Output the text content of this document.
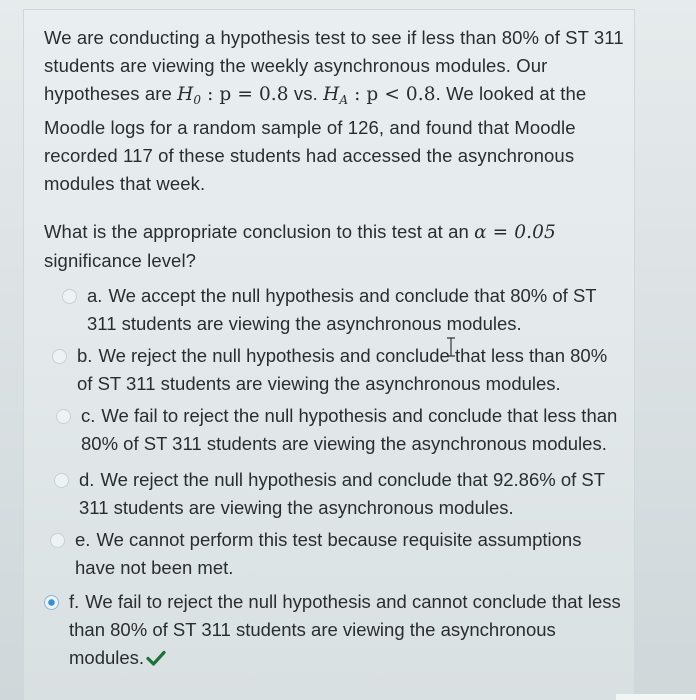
We are conducting a hypothesis test to see if less than 80% of ST 311 students are viewing the weekly asynchronous modules. Our hypotheses are $H_0$ : p = 0.8 vs. $H_A$ : p < 0.8. We looked at the Moodle logs for a random sample of 126, and found that Moodle recorded 117 of these students had accessed the asynchronous modules that week.

What is the appropriate conclusion to this test at an α = 0.05 significance level?

a. We accept the null hypothesis and conclude that 80% of ST 311 students are viewing the asynchronous modules.
b. We reject the null hypothesis and conclude that less than 80% of ST 311 students are viewing the asynchronous modules.
c. We fail to reject the null hypothesis and conclude that less than 80% of ST 311 students are viewing the asynchronous modules.
d. We reject the null hypothesis and conclude that 92.86% of ST 311 students are viewing the asynchronous modules.
e. We cannot perform this test because requisite assumptions have not been met.
f. We fail to reject the null hypothesis and cannot conclude that less than 80% of ST 311 students are viewing the asynchronous modules.
